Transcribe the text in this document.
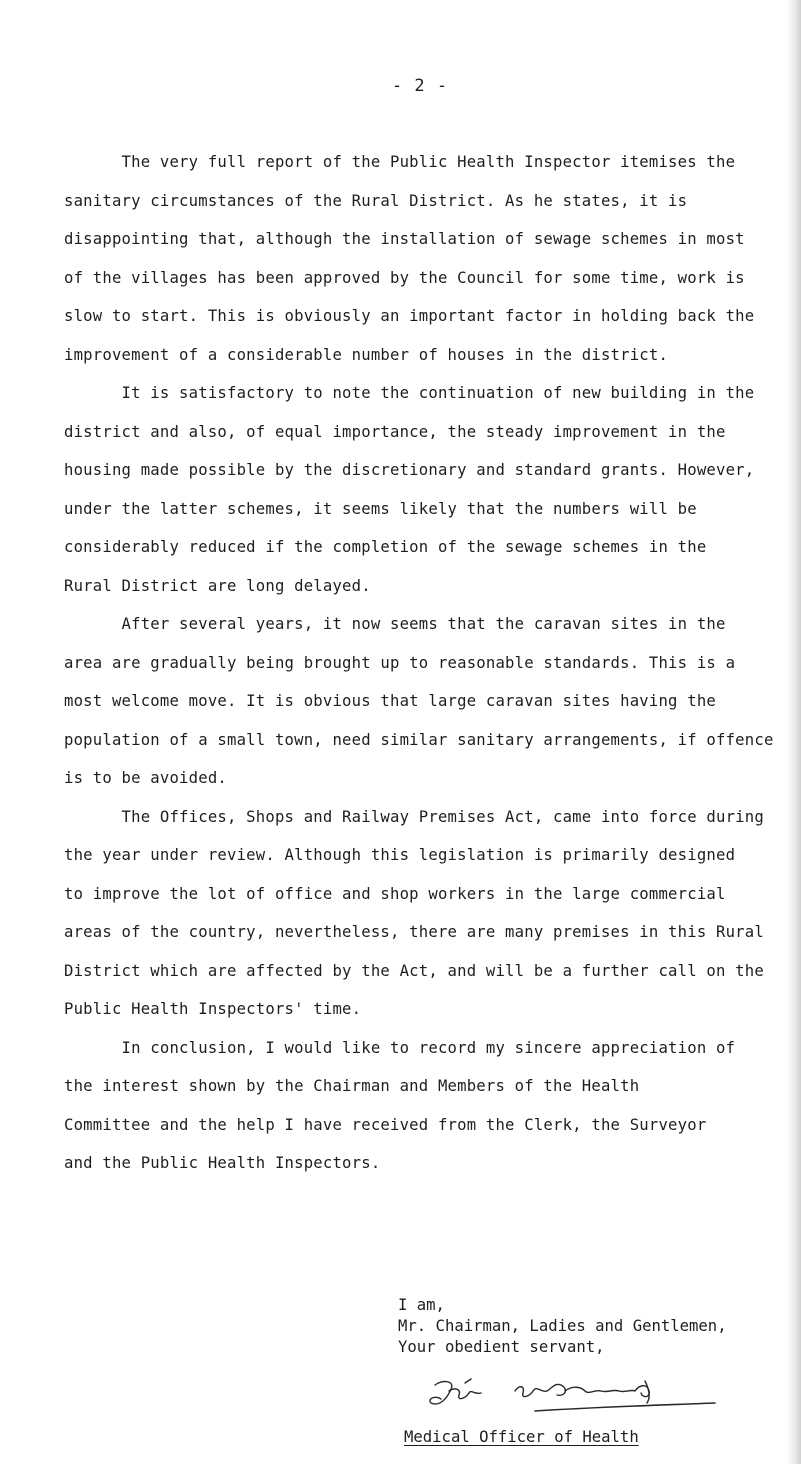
- 2 -
The very full report of the Public Health Inspector itemises the
sanitary circumstances of the Rural District. As he states, it is
disappointing that, although the installation of sewage schemes in most
of the villages has been approved by the Council for some time, work is
slow to start. This is obviously an important factor in holding back the
improvement of a considerable number of houses in the district.
It is satisfactory to note the continuation of new building in the
district and also, of equal importance, the steady improvement in the
housing made possible by the discretionary and standard grants. However,
under the latter schemes, it seems likely that the numbers will be
considerably reduced if the completion of the sewage schemes in the
Rural District are long delayed.
After several years, it now seems that the caravan sites in the
area are gradually being brought up to reasonable standards. This is a
most welcome move. It is obvious that large caravan sites having the
population of a small town, need similar sanitary arrangements, if offence
is to be avoided.
The Offices, Shops and Railway Premises Act, came into force during
the year under review. Although this legislation is primarily designed
to improve the lot of office and shop workers in the large commercial
areas of the country, nevertheless, there are many premises in this Rural
District which are affected by the Act, and will be a further call on the
Public Health Inspectors' time.
In conclusion, I would like to record my sincere appreciation of
the interest shown by the Chairman and Members of the Health
Committee and the help I have received from the Clerk, the Surveyor
and the Public Health Inspectors.
I am,
Mr. Chairman, Ladies and Gentlemen,
Your obedient servant,
Medical Officer of Health
